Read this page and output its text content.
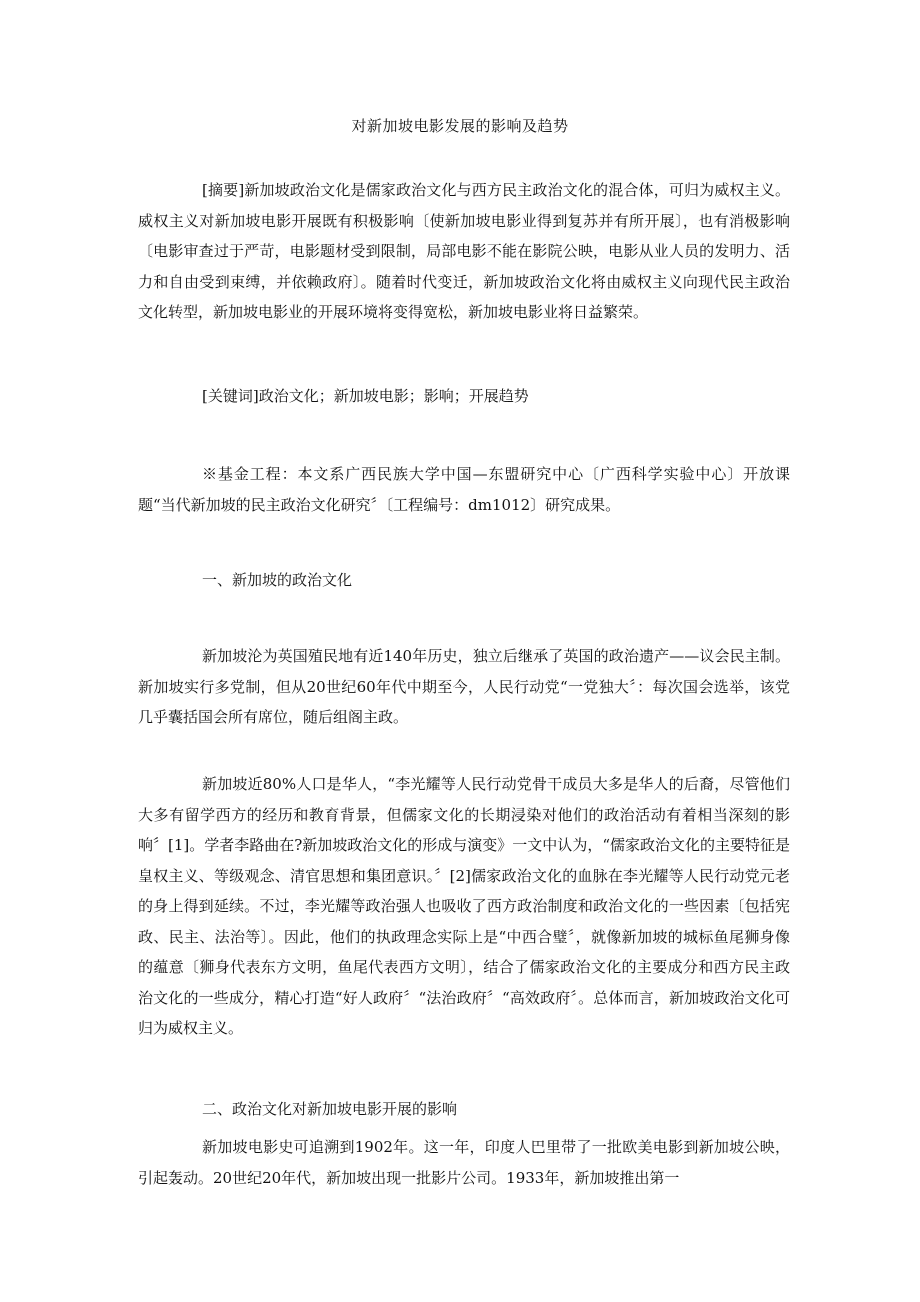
对新加坡电影发展的影响及趋势

[摘要]新加坡政治文化是儒家政治文化与西方民主政治文化的混合体，可归为威权主义。威权主义对新加坡电影开展既有积极影响〔使新加坡电影业得到复苏并有所开展〕，也有消极影响〔电影审查过于严苛，电影题材受到限制，局部电影不能在影院公映，电影从业人员的发明力、活力和自由受到束缚，并依赖政府〕。随着时代变迁，新加坡政治文化将由威权主义向现代民主政治文化转型，新加坡电影业的开展环境将变得宽松，新加坡电影业将日益繁荣。

[关键词]政治文化；新加坡电影；影响；开展趋势

※基金工程：本文系广西民族大学中国—东盟研究中心〔广西科学实验中心〕开放课题“当代新加坡的民主政治文化研究〞〔工程编号：dm1012〕研究成果。

一、新加坡的政治文化

新加坡沦为英国殖民地有近140年历史，独立后继承了英国的政治遗产——议会民主制。新加坡实行多党制，但从20世纪60年代中期至今，人民行动党“一党独大〞：每次国会选举，该党几乎囊括国会所有席位，随后组阁主政。

新加坡近80%人口是华人，“李光耀等人民行动党骨干成员大多是华人的后裔，尽管他们大多有留学西方的经历和教育背景，但儒家文化的长期浸染对他们的政治活动有着相当深刻的影响〞[1]。学者李路曲在?新加坡政治文化的形成与演变》一文中认为，“儒家政治文化的主要特征是皇权主义、等级观念、清官思想和集团意识。〞[2]儒家政治文化的血脉在李光耀等人民行动党元老的身上得到延续。不过，李光耀等政治强人也吸收了西方政治制度和政治文化的一些因素〔包括宪政、民主、法治等〕。因此，他们的执政理念实际上是“中西合璧〞，就像新加坡的城标鱼尾狮身像的蕴意〔狮身代表东方文明，鱼尾代表西方文明〕，结合了儒家政治文化的主要成分和西方民主政治文化的一些成分，精心打造“好人政府〞“法治政府〞“高效政府〞。总体而言，新加坡政治文化可归为威权主义。

二、政治文化对新加坡电影开展的影响

新加坡电影史可追溯到1902年。这一年，印度人巴里带了一批欧美电影到新加坡公映，引起轰动。20世纪20年代，新加坡出现一批影片公司。1933年，新加坡推出第一
